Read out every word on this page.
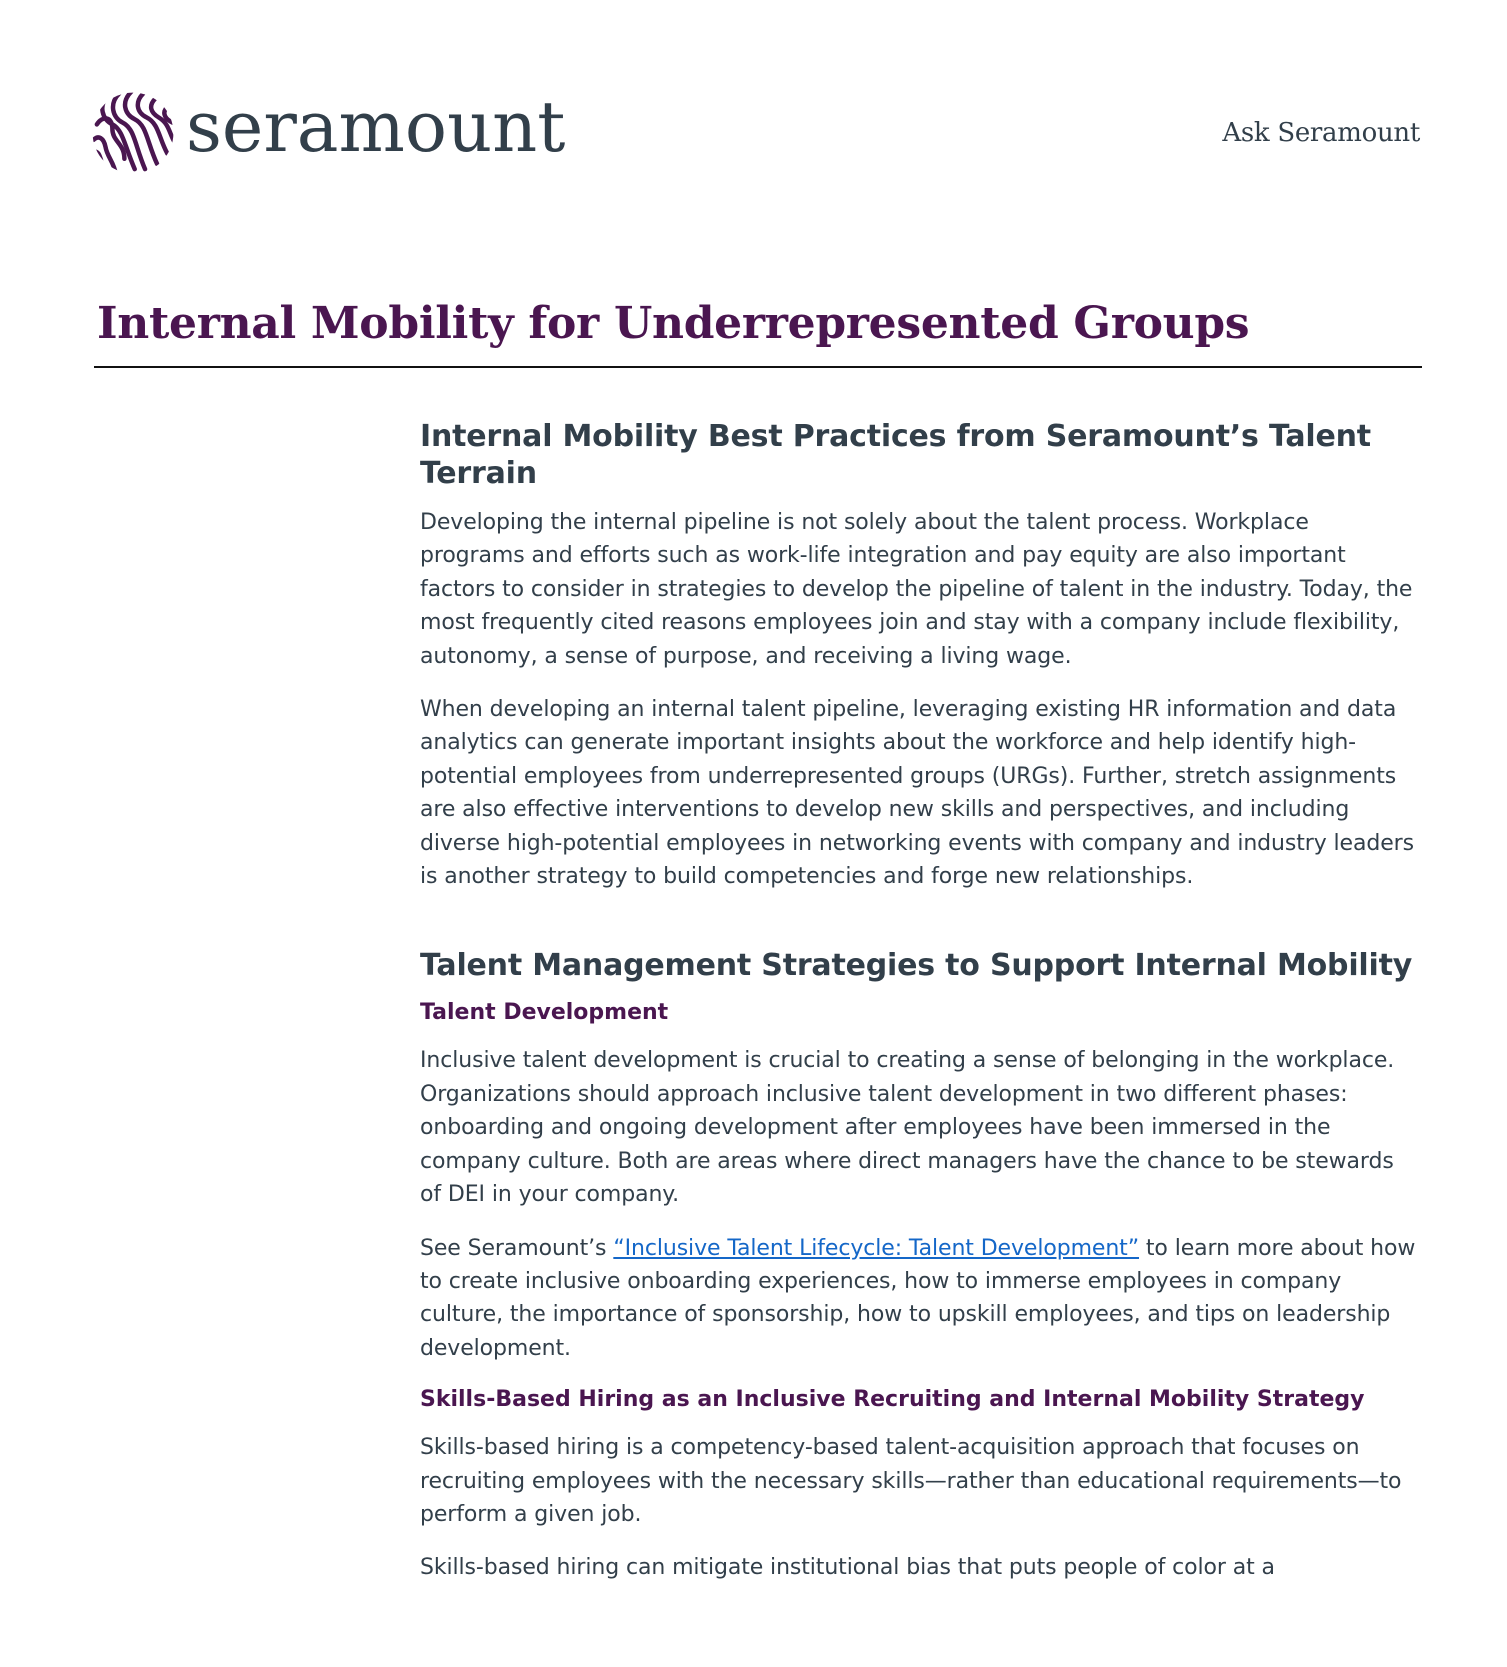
seramount	Ask Seramount
Internal Mobility for Underrepresented Groups
Internal Mobility Best Practices from Seramount’s Talent Terrain

Developing the internal pipeline is not solely about the talent process. Workplace programs and efforts such as work-life integration and pay equity are also important factors to consider in strategies to develop the pipeline of talent in the industry. Today, the most frequently cited reasons employees join and stay with a company include flexibility, autonomy, a sense of purpose, and receiving a living wage.

When developing an internal talent pipeline, leveraging existing HR information and data analytics can generate important insights about the workforce and help identify high-potential employees from underrepresented groups (URGs). Further, stretch assignments are also effective interventions to develop new skills and perspectives, and including diverse high-potential employees in networking events with company and industry leaders is another strategy to build competencies and forge new relationships.

Talent Management Strategies to Support Internal Mobility
Talent Development

Inclusive talent development is crucial to creating a sense of belonging in the workplace. Organizations should approach inclusive talent development in two different phases: onboarding and ongoing development after employees have been immersed in the company culture. Both are areas where direct managers have the chance to be stewards of DEI in your company.

See Seramount’s “Inclusive Talent Lifecycle: Talent Development” to learn more about how to create inclusive onboarding experiences, how to immerse employees in company culture, the importance of sponsorship, how to upskill employees, and tips on leadership development.

Skills-Based Hiring as an Inclusive Recruiting and Internal Mobility Strategy

Skills-based hiring is a competency-based talent-acquisition approach that focuses on recruiting employees with the necessary skills—rather than educational requirements—to perform a given job.

Skills-based hiring can mitigate institutional bias that puts people of color at a
